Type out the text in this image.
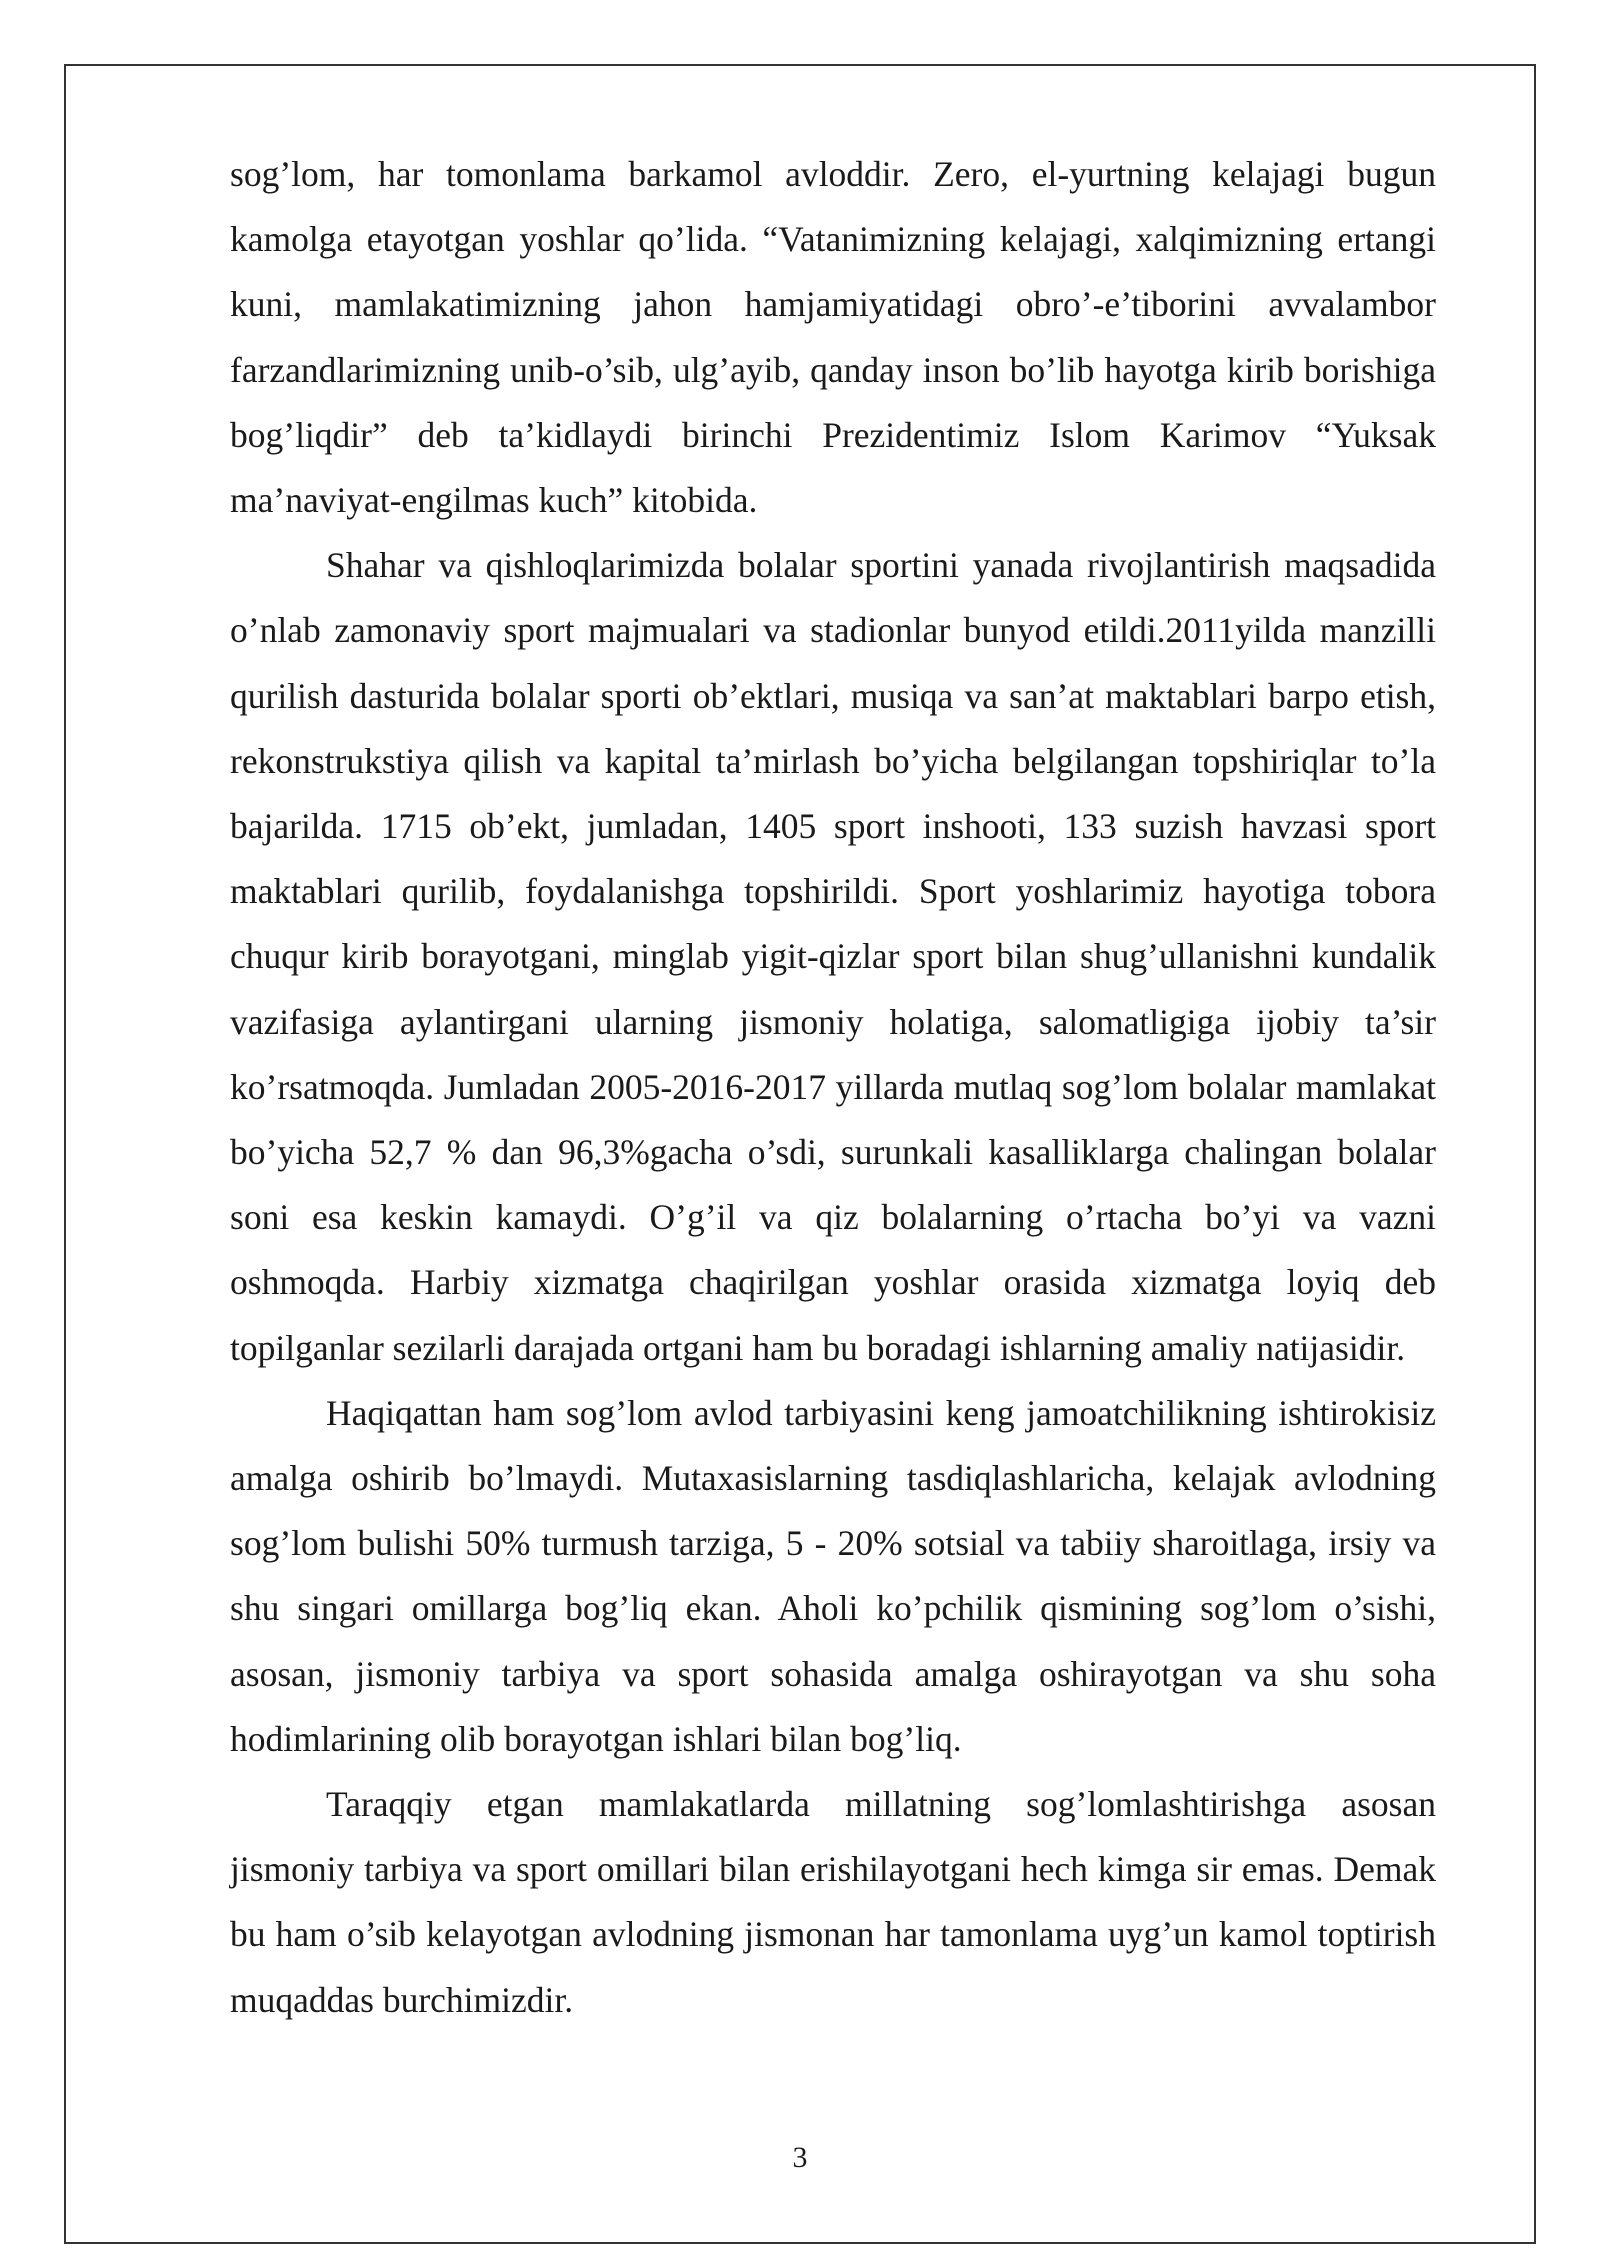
sog’lom, har tomonlama barkamol avloddir. Zero, el-yurtning kelajagi bugun kamolga etayotgan yoshlar qo’lida. “Vatanimizning kelajagi, xalqimizning ertangi kuni, mamlakatimizning jahon hamjamiyatidagi obro’-e’tiborini avvalambor farzandlarimizning unib-o’sib, ulg’ayib, qanday inson bo’lib hayotga kirib borishiga bog’liqdir” deb ta’kidlaydi birinchi Prezidentimiz Islom Karimov “Yuksak ma’naviyat-engilmas kuch” kitobida.

Shahar va qishloqlarimizda bolalar sportini yanada rivojlantirish maqsadida o’nlab zamonaviy sport majmualari va stadionlar bunyod etildi.2011yilda manzilli qurilish dasturida bolalar sporti ob’ektlari, musiqa va san’at maktablari barpo etish, rekonstrukstiya qilish va kapital ta’mirlash bo’yicha belgilangan topshiriqlar to’la bajarilda. 1715 ob’ekt, jumladan, 1405 sport inshooti, 133 suzish havzasi sport maktablari qurilib, foydalanishga topshirildi. Sport yoshlarimiz hayotiga tobora chuqur kirib borayotgani, minglab yigit-qizlar sport bilan shug’ullanishni kundalik vazifasiga aylantirgani ularning jismoniy holatiga, salomatligiga ijobiy ta’sir ko’rsatmoqda. Jumladan 2005-2016-2017 yillarda mutlaq sog’lom bolalar mamlakat bo’yicha 52,7 % dan 96,3%gacha o’sdi, surunkali kasalliklarga chalingan bolalar soni esa keskin kamaydi. O’g’il va qiz bolalarning o’rtacha bo’yi va vazni oshmoqda. Harbiy xizmatga chaqirilgan yoshlar orasida xizmatga loyiq deb topilganlar sezilarli darajada ortgani ham bu boradagi ishlarning amaliy natijasidir.

Haqiqattan ham sog’lom avlod tarbiyasini keng jamoatchilikning ishtirokisiz amalga oshirib bo’lmaydi. Mutaxasislarning tasdiqlashlaricha, kelajak avlodning sog’lom bulishi 50% turmush tarziga, 5 - 20% sotsial va tabiiy sharoitlaga, irsiy va shu singari omillarga bog’liq ekan. Aholi ko’pchilik qismining sog’lom o’sishi, asosan, jismoniy tarbiya va sport sohasida amalga oshirayotgan va shu soha hodimlarining olib borayotgan ishlari bilan bog’liq.

Taraqqiy etgan mamlakatlarda millatning sog’lomlashtirishga asosan jismoniy tarbiya va sport omillari bilan erishilayotgani hech kimga sir emas. Demak bu ham o’sib kelayotgan avlodning jismonan har tamonlama uyg’un kamol toptirish muqaddas burchimizdir.

3
